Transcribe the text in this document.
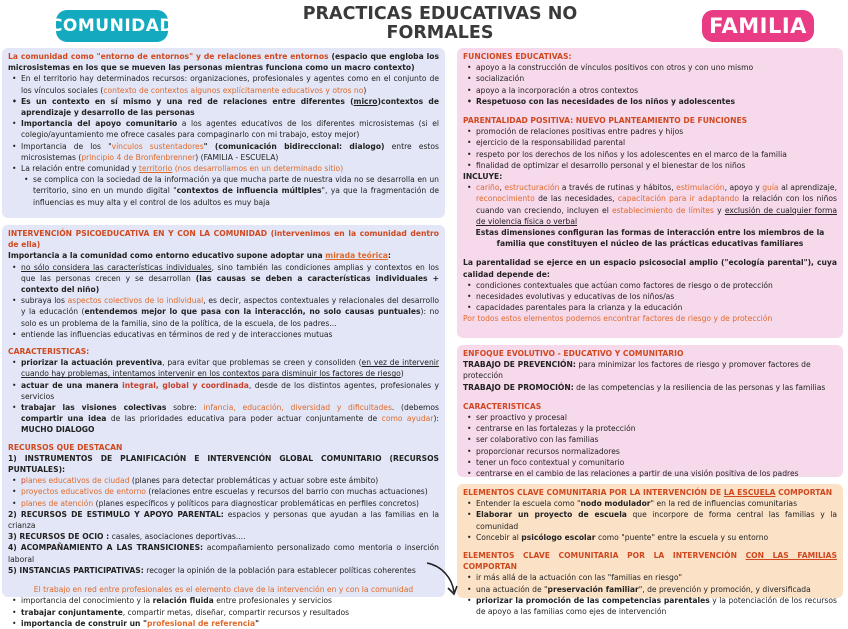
COMUNIDAD
PRACTICAS EDUCATIVAS NO
FORMALES	FAMILIA
La comunidad como "entorno de entornos" y de relaciones entre entornos (espacio que engloba los microsistemas en los que se mueven las personas mientras funciona como un macro contexto)
• En el territorio hay determinados recursos: organizaciones, profesionales y agentes como en el conjunto de los vínculos sociales (contexto de contextos algunos explícitamente educativos y otros no)
• Es un contexto en sí mismo y una red de relaciones entre diferentes (micro)contextos de aprendizaje y desarrollo de las personas
• Importancia del apoyo comunitario a los agentes educativos de los diferentes microsistemas (si el colegio/ayuntamiento me ofrece casales para compaginarlo con mi trabajo, estoy mejor)
• Importancia de los "vínculos sustentadores" (comunicación bidireccional: dialogo) entre estos microsistemas (principio 4 de Bronfenbrenner) (FAMILIA - ESCUELA)
• La relación entre comunidad y territorio (nos desarrollamos en un determinado sitio)
• se complica con la sociedad de la información ya que mucha parte de nuestra vida no se desarrolla en un territorio, sino en un mundo digital "contextos de influencia múltiples", ya que la fragmentación de influencias es muy alta y el control de los adultos es muy baja
INTERVENCIÓN PSICOEDUCATIVA EN Y CON LA COMUNIDAD (intervenimos en la comunidad dentro de ella)
Importancia a la comunidad como entorno educativo supone adoptar una mirada teórica:
• no sólo considera las características individuales, sino también las condiciones amplias y contextos en los que las personas crecen y se desarrollan (las causas se deben a características individuales + contexto del niño)
• subraya los aspectos colectivos de lo individual, es decir, aspectos contextuales y relacionales del desarrollo y la educación (entendemos mejor lo que pasa con la interacción, no solo causas puntuales): no solo es un problema de la familia, sino de la política, de la escuela, de los padres...
• entiende las influencias educativas en términos de red y de interacciones mutuas
CARACTERISTICAS:
• priorizar la actuación preventiva, para evitar que problemas se creen y consoliden (en vez de intervenir cuando hay problemas, intentamos intervenir en los contextos para disminuir los factores de riesgo)
• actuar de una manera integral, global y coordinada, desde de los distintos agentes, profesionales y servicios
• trabajar las visiones colectivas sobre: infancia, educación, diversidad y dificultades. (debemos compartir una idea de las prioridades educativa para poder actuar conjuntamente de como ayudar): MUCHO DIALOGO
RECURSOS QUE DESTACAN
1) INSTRUMENTOS DE PLANIFICACIÓN E INTERVENCIÓN GLOBAL COMUNITARIO (RECURSOS PUNTUALES):
• planes educativos de ciudad (planes para detectar problemáticas y actuar sobre este ámbito)
• proyectos educativos de entorno (relaciones entre escuelas y recursos del barrio con muchas actuaciones)
• planes de atención (planes específicos y políticos para diagnosticar problemáticas en perfiles concretos)
2) RECURSOS DE ESTIMULO Y APOYO PARENTAL: espacios y personas que ayudan a las familias en la crianza
3) RECURSOS DE OCIO : casales, asociaciones deportivas....
4) ACOMPAÑAMIENTO A LAS TRANSICIONES: acompañamiento personalizado como mentoria o inserción laboral
5) INSTANCIAS PARTICIPATIVAS: recoger la opinión de la población para establecer políticas coherentes
El trabajo en red entre profesionales es el elemento clave de la intervención en y con la comunidad
• importancia del conocimiento y la relación fluida entre profesionales y servicios
• trabajar conjuntamente, compartir metas, diseñar, compartir recursos y resultados
• importancia de construir un "profesional de referencia"
FUNCIONES EDUCATIVAS:
• apoyo a la construcción de vínculos positivos con otros y con uno mismo
• socialización
• apoyo a la incorporación a otros contextos
• Respetuoso con las necesidades de los niños y adolescentes
PARENTALIDAD POSITIVA: NUEVO PLANTEAMIENTO DE FUNCIONES
• promoción de relaciones positivas entre padres y hijos
• ejercicio de la responsabilidad parental
• respeto por los derechos de los niños y los adolescentes en el marco de la familia
• finalidad de optimizar el desarrollo personal y el bienestar de los niños
INCLUYE:
• cariño, estructuración a través de rutinas y hábitos, estimulación, apoyo y guía al aprendizaje, reconocimiento de las necesidades, capacitación para ir adaptando la relación con los niños cuando van creciendo, incluyen el establecimiento de límites y exclusión de cualquier forma de violencia física o verbal
Estas dimensiones configuran las formas de interacción entre los miembros de la familia que constituyen el núcleo de las prácticas educativas familiares
La parentalidad se ejerce en un espacio psicosocial amplio ("ecología parental"), cuya calidad depende de:
• condiciones contextuales que actúan como factores de riesgo o de protección
• necesidades evolutivas y educativas de los niños/as
• capacidades parentales para la crianza y la educación
Por todos estos elementos podemos encontrar factores de riesgo y de protección
ENFOQUE EVOLUTIVO - EDUCATIVO Y COMUNITARIO
TRABAJO DE PREVENCIÓN: para minimizar los factores de riesgo y promover factores de protección
TRABAJO DE PROMOCIÓN: de las competencias y la resiliencia de las personas y las familias
CARACTERISTICAS
• ser proactivo y procesal
• centrarse en las fortalezas y la protección
• ser colaborativo con las familias
• proporcionar recursos normalizadores
• tener un foco contextual y comunitario
• centrarse en el cambio de las relaciones a partir de una visión positiva de los padres
ELEMENTOS CLAVE COMUNITARIA POR LA INTERVENCIÓN DE LA ESCUELA COMPORTAN
• Entender la escuela como "nodo modulador" en la red de influencias comunitarias
• Elaborar un proyecto de escuela que incorpore de forma central las familias y la comunidad
• Concebir al psicólogo escolar como "puente" entre la escuela y su entorno
ELEMENTOS CLAVE COMUNITARIA POR LA INTERVENCIÓN CON LAS FAMILIAS COMPORTAN
• ir más allá de la actuación con las "familias en riesgo"
• una actuación de "preservación familiar", de prevención y promoción, y diversificada
• priorizar la promoción de las competencias parentales y la potenciación de los recursos de apoyo a las familias como ejes de intervención
